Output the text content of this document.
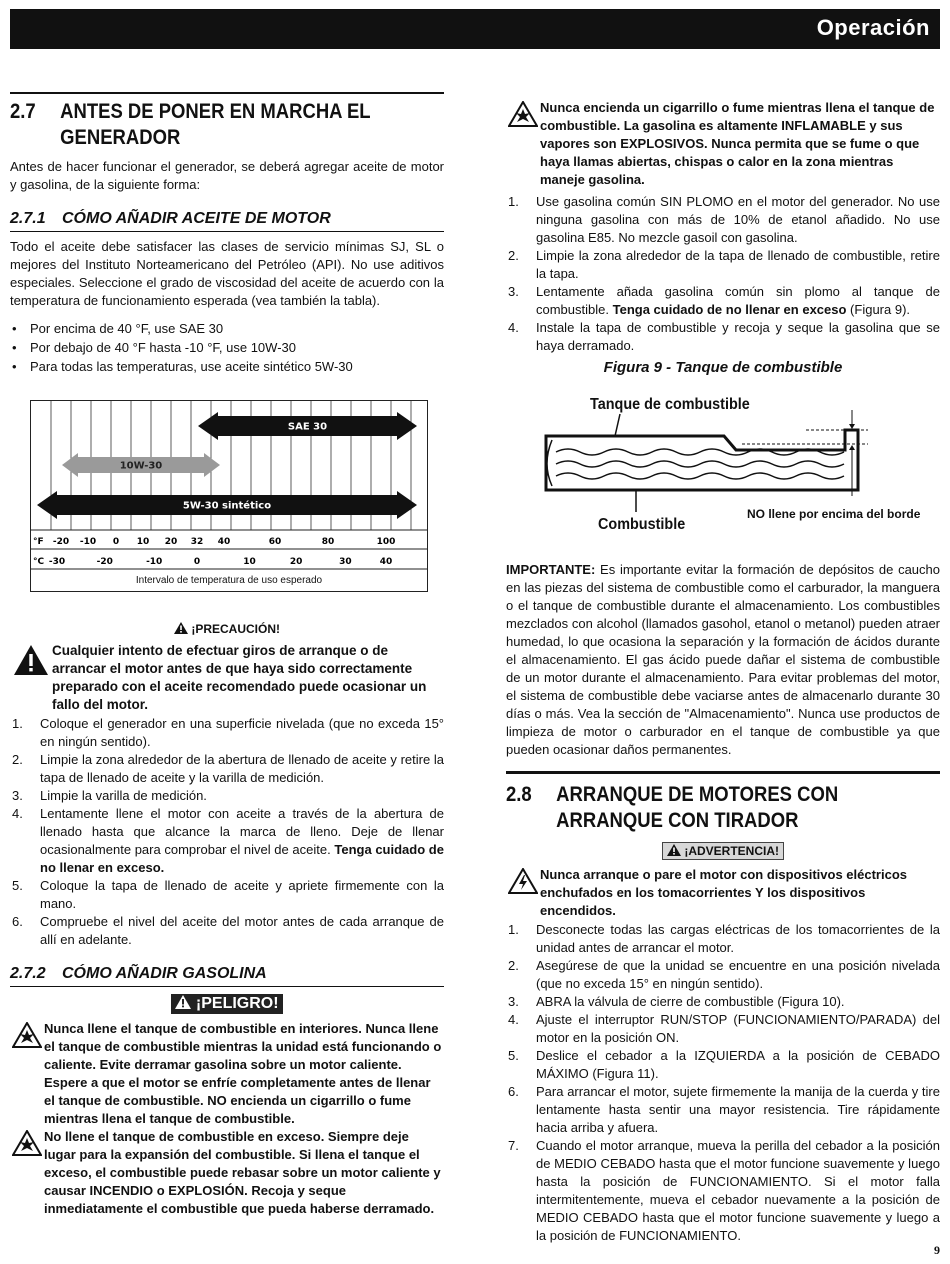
Operación
2.7	ANTES DE PONER EN MARCHA EL
GENERADOR

Antes de hacer funcionar el generador, se deberá agregar aceite de motor y gasolina, de la siguiente forma:

2.7.1	CÓMO AÑADIR ACEITE DE MOTOR

Todo el aceite debe satisfacer las clases de servicio mínimas SJ, SL o mejores del Instituto Norteamericano del Petróleo (API). No use aditivos especiales. Seleccione el grado de viscosidad del aceite de acuerdo con la temperatura de funcionamiento esperada (vea también la tabla).

• Por encima de 40 °F, use SAE 30
• Por debajo de 40 °F hasta -10 °F, use 10W-30
• Para todas las temperaturas, use aceite sintético 5W-30
SAE 30
10W-30
5W-30 sintético
°F -20 -10 0 10 20 32 40	60	80	100
°C -30	-20	-10	0	10	20	30	40
Intervalo de temperatura de uso esperado
¡PRECAUCIÓN!
Cualquier intento de efectuar giros de arranque o de arrancar el motor antes de que haya sido correctamente preparado con el aceite recomendado puede ocasionar un fallo del motor.
1. Coloque el generador en una superficie nivelada (que no exceda 15° en ningún sentido).
2. Limpie la zona alrededor de la abertura de llenado de aceite y retire la tapa de llenado de aceite y la varilla de medición.
3. Limpie la varilla de medición.
4. Lentamente llene el motor con aceite a través de la abertura de llenado hasta que alcance la marca de lleno. Deje de llenar ocasionalmente para comprobar el nivel de aceite. Tenga cuidado de no llenar en exceso.
5. Coloque la tapa de llenado de aceite y apriete firmemente con la mano.
6. Compruebe el nivel del aceite del motor antes de cada arranque de allí en adelante.
2.7.2	CÓMO AÑADIR GASOLINA
¡PELIGRO!
Nunca llene el tanque de combustible en interiores. Nunca llene el tanque de combustible mientras la unidad está funcionando o caliente. Evite derramar gasolina sobre un motor caliente. Espere a que el motor se enfríe completamente antes de llenar el tanque de combustible. NO encienda un cigarrillo o fume mientras llena el tanque de combustible.
No llene el tanque de combustible en exceso. Siempre deje lugar para la expansión del combustible. Si llena el tanque el exceso, el combustible puede rebasar sobre un motor caliente y causar INCENDIO o EXPLOSIÓN. Recoja y seque inmediatamente el combustible que pueda haberse derramado.
Nunca encienda un cigarrillo o fume mientras llena el tanque de combustible. La gasolina es altamente INFLAMABLE y sus vapores son EXPLOSIVOS. Nunca permita que se fume o que haya llamas abiertas, chispas o calor en la zona mientras maneje gasolina.
1. Use gasolina común SIN PLOMO en el motor del generador. No use ninguna gasolina con más de 10% de etanol añadido. No use gasolina E85. No mezcle gasoil con gasolina.
2. Limpie la zona alrededor de la tapa de llenado de combustible, retire la tapa.
3. Lentamente añada gasolina común sin plomo al tanque de combustible. Tenga cuidado de no llenar en exceso (Figura 9).
4. Instale la tapa de combustible y recoja y seque la gasolina que se haya derramado.
Figura 9 - Tanque de combustible
Tanque de combustible
Combustible
NO llene por encima del borde

IMPORTANTE: Es importante evitar la formación de depósitos de caucho en las piezas del sistema de combustible como el carburador, la manguera o el tanque de combustible durante el almacenamiento. Los combustibles mezclados con alcohol (llamados gasohol, etanol o metanol) pueden atraer humedad, lo que ocasiona la separación y la formación de ácidos durante el almacenamiento. El gas ácido puede dañar el sistema de combustible de un motor durante el almacenamiento. Para evitar problemas del motor, el sistema de combustible debe vaciarse antes de almacenarlo durante 30 días o más. Vea la sección de "Almacenamiento". Nunca use productos de limpieza de motor o carburador en el tanque de combustible ya que pueden ocasionar daños permanentes.

2.8	ARRANQUE DE MOTORES CON
ARRANQUE CON TIRADOR
¡ADVERTENCIA!
Nunca arranque o pare el motor con dispositivos eléctricos enchufados en los tomacorrientes Y los dispositivos encendidos.
1. Desconecte todas las cargas eléctricas de los tomacorrientes de la unidad antes de arrancar el motor.
2. Asegúrese de que la unidad se encuentre en una posición nivelada (que no exceda 15° en ningún sentido).
3. ABRA la válvula de cierre de combustible (Figura 10).
4. Ajuste el interruptor RUN/STOP (FUNCIONAMIENTO/PARADA) del motor en la posición ON.
5. Deslice el cebador a la IZQUIERDA a la posición de CEBADO MÁXIMO (Figura 11).
6. Para arrancar el motor, sujete firmemente la manija de la cuerda y tire lentamente hasta sentir una mayor resistencia. Tire rápidamente hacia arriba y afuera.
7. Cuando el motor arranque, mueva la perilla del cebador a la posición de MEDIO CEBADO hasta que el motor funcione suavemente y luego hasta la posición de FUNCIONAMIENTO. Si el motor falla intermitentemente, mueva el cebador nuevamente a la posición de MEDIO CEBADO hasta que el motor funcione suavemente y luego a la posición de FUNCIONAMIENTO.
9
